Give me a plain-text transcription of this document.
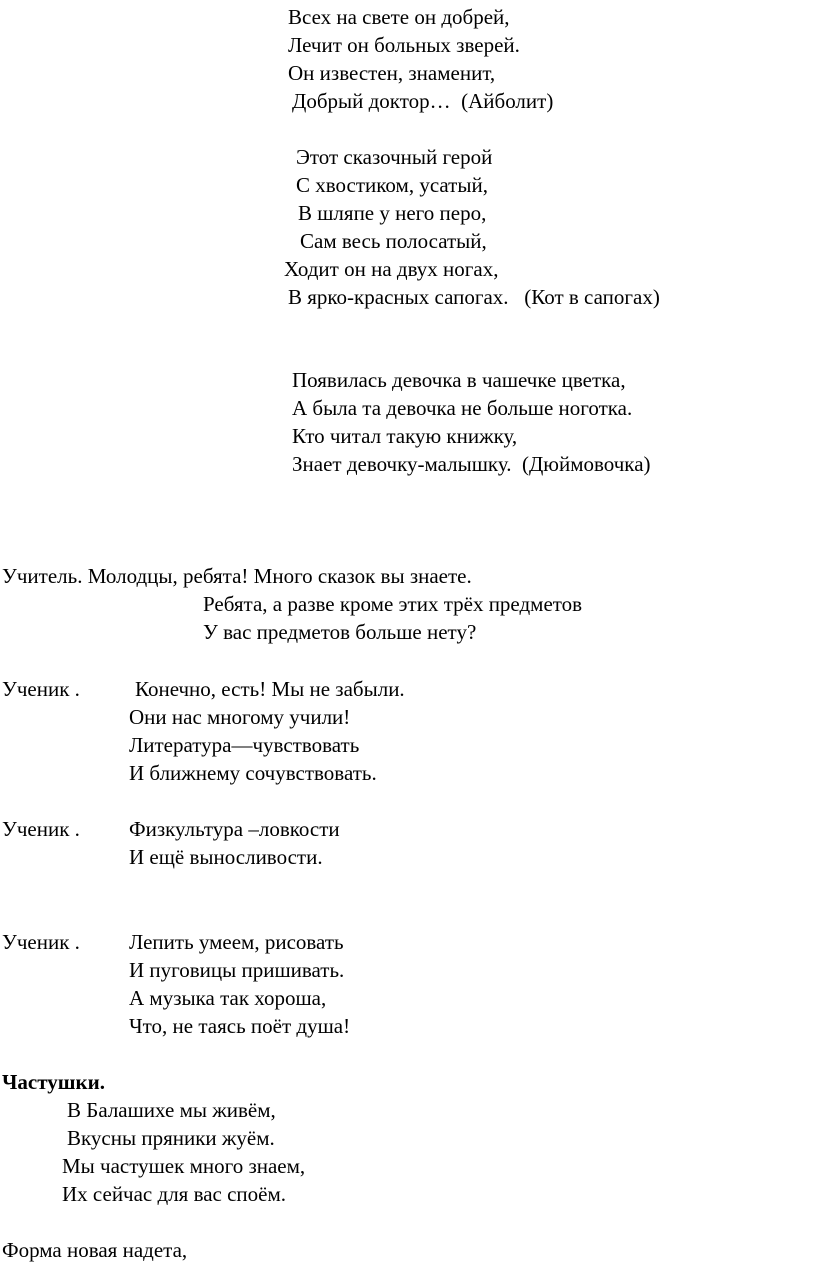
Всех на свете он добрей,
Лечит он больных зверей.
Он известен, знаменит,
Добрый доктор…  (Айболит)
Этот сказочный герой
С хвостиком, усатый,
В шляпе у него перо,
Сам весь полосатый,
Ходит он на двух ногах,
В ярко-красных сапогах.   (Кот в сапогах)
Появилась девочка в чашечке цветка,
А была та девочка не больше ноготка.
Кто читал такую книжку,
Знает девочку-малышку.  (Дюймовочка)
Учитель. Молодцы, ребята! Много сказок вы знаете.
Ребята, а разве кроме этих трёх предметов
У вас предметов больше нету?
Ученик .	Конечно, есть! Мы не забыли.
Они нас многому учили!
Литература—чувствовать
И ближнему сочувствовать.
Ученик . Физкультура –ловкости
И ещё выносливости.
Ученик . Лепить умеем, рисовать
И пуговицы пришивать.
А музыка так хороша,
Что, не таясь поёт душа!
Частушки.
В Балашихе мы живём,
Вкусны пряники жуём.
Мы частушек много знаем,
Их сейчас для вас споём.
Форма новая надета,
